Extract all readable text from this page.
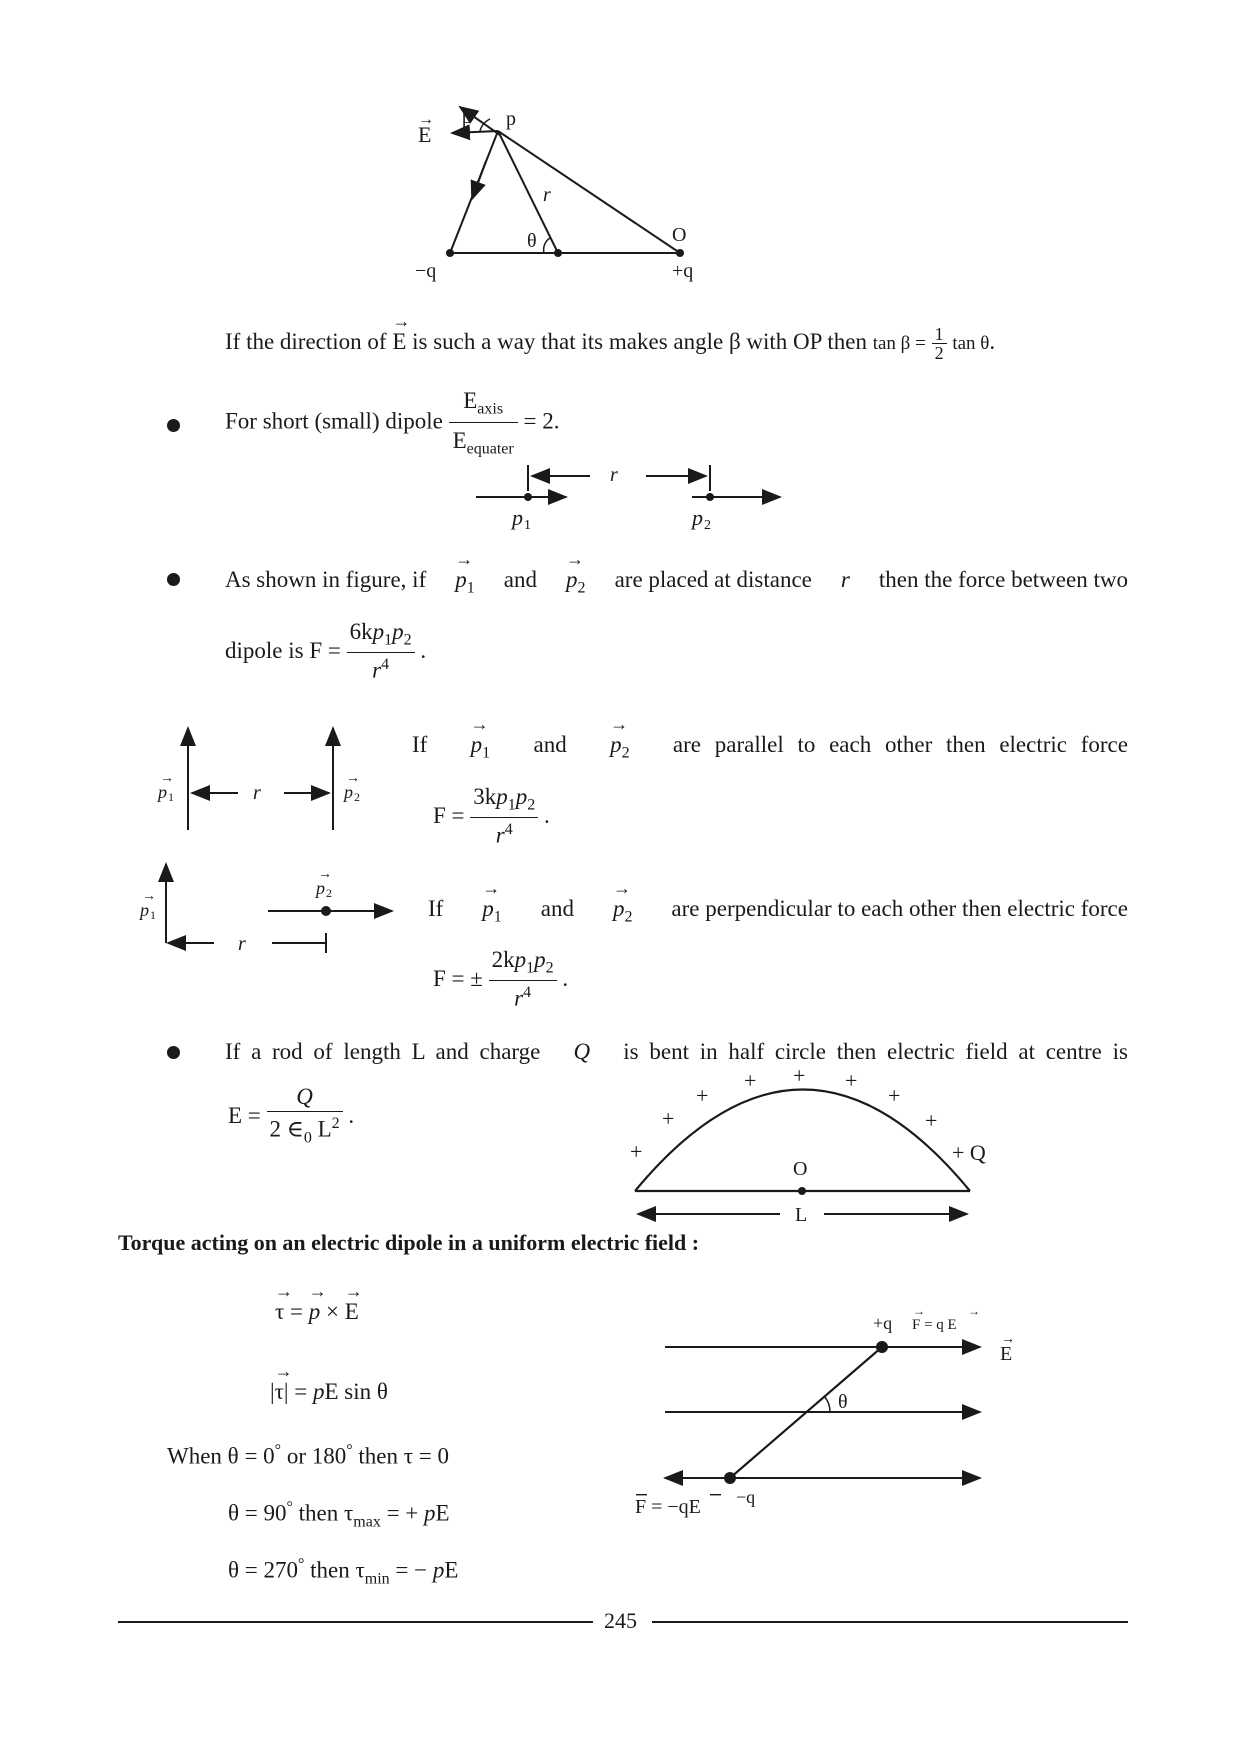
E
→ β p
r
θ	O
−q	+q
If the direction of → E is such a way that its makes angle β with OP then $\tan \beta = \frac{1}{2}$ tan θ.
For short (small) dipole $\frac{E_{axis}}{E_{equater}} = 2$.
r
p 1	p 2
As shown in figure, if
→ $p_1$ and
→ $p_2$ are placed at distance r then the force between two
dipole is $F = \frac{6kp_1p_2}{r^4}$ .
r
p 1
→
p 2
→
If
→ $p_1$ and
→ $p_2$ are parallel to each other then electric force
$F = \frac{3kp_1p_2}{r^4}$ .
r
p 1
→	p 2
→
If
→ $p_1$ and
→ $p_2$ are perpendicular to each other then electric force
F = ± $\frac{2kp_1p_2}{r^4}$ .
If a rod of length L and charge Q is bent in half circle then electric field at centre is
$E = \frac{Q}{2 \in_0 L^2}$ .
+
+
+
+ + +
+
+
+ Q
O
L
Torque acting on an electric dipole in a uniform electric field :
→ τ = → p × → E
|→ τ| = pE sin θ
When θ = 0° or 180° then τ = 0
θ = 90° then $\tau_{max}$ = + pE
θ = 270° then $\tau_{min}$ = − pE
θ
+q F = q E
→	→
E
→
−q
F = −qE
245
